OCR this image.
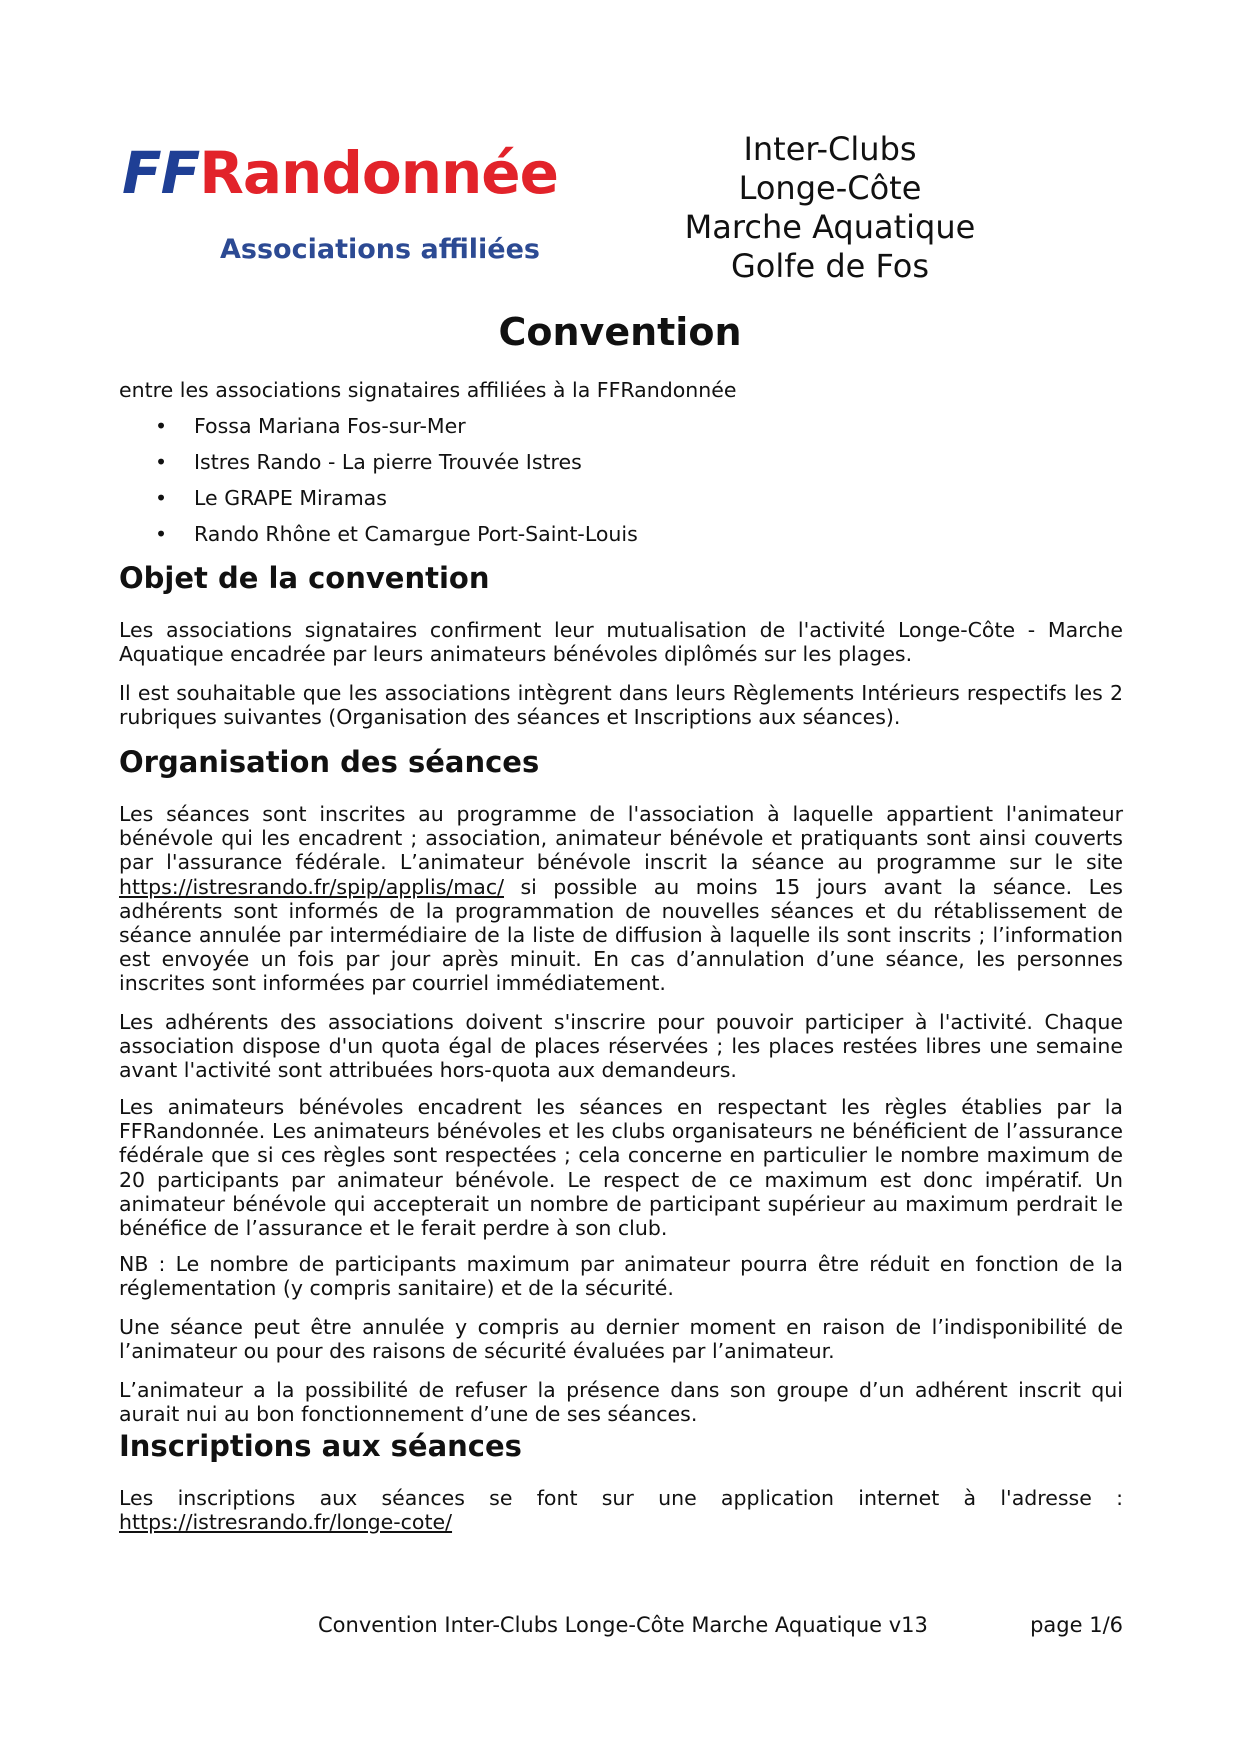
FFRandonnée
Associations affiliées
Inter-Clubs
Longe-Côte
Marche Aquatique
Golfe de Fos
Convention
entre les associations signataires affiliées à la FFRandonnée
• Fossa Mariana Fos-sur-Mer
• Istres Rando - La pierre Trouvée Istres
• Le GRAPE Miramas
• Rando Rhône et Camargue Port-Saint-Louis
Objet de la convention

Les associations signataires confirment leur mutualisation de l'activité Longe-Côte - Marche Aquatique encadrée par leurs animateurs bénévoles diplômés sur les plages.

Il est souhaitable que les associations intègrent dans leurs Règlements Intérieurs respectifs les 2 rubriques suivantes (Organisation des séances et Inscriptions aux séances).

Organisation des séances

Les séances sont inscrites au programme de l'association à laquelle appartient l'animateur bénévole qui les encadrent ; association, animateur bénévole et pratiquants sont ainsi couverts par l'assurance fédérale. L’animateur bénévole inscrit la séance au programme sur le site https://istresrando.fr/spip/applis/mac/ si possible au moins 15 jours avant la séance. Les adhérents sont informés de la programmation de nouvelles séances et du rétablissement de séance annulée par intermédiaire de la liste de diffusion à laquelle ils sont inscrits ; l’information est envoyée un fois par jour après minuit. En cas d’annulation d’une séance, les personnes inscrites sont informées par courriel immédiatement.

Les adhérents des associations doivent s'inscrire pour pouvoir participer à l'activité. Chaque association dispose d'un quota égal de places réservées ; les places restées libres une semaine avant l'activité sont attribuées hors-quota aux demandeurs.

Les animateurs bénévoles encadrent les séances en respectant les règles établies par la FFRandonnée. Les animateurs bénévoles et les clubs organisateurs ne bénéficient de l’assurance fédérale que si ces règles sont respectées ; cela concerne en particulier le nombre maximum de 20 participants par animateur bénévole. Le respect de ce maximum est donc impératif. Un animateur bénévole qui accepterait un nombre de participant supérieur au maximum perdrait le bénéfice de l’assurance et le ferait perdre à son club.

NB : Le nombre de participants maximum par animateur pourra être réduit en fonction de la réglementation (y compris sanitaire) et de la sécurité.

Une séance peut être annulée y compris au dernier moment en raison de l’indisponibilité de l’animateur ou pour des raisons de sécurité évaluées par l’animateur.

L’animateur a la possibilité de refuser la présence dans son groupe d’un adhérent inscrit qui aurait nui au bon fonctionnement d’une de ses séances.

Inscriptions aux séances

Les inscriptions aux séances se font sur une application internet à l'adresse :

https://istresrando.fr/longe-cote/

Convention Inter-Clubs Longe-Côte Marche Aquatique v13	page 1/6
